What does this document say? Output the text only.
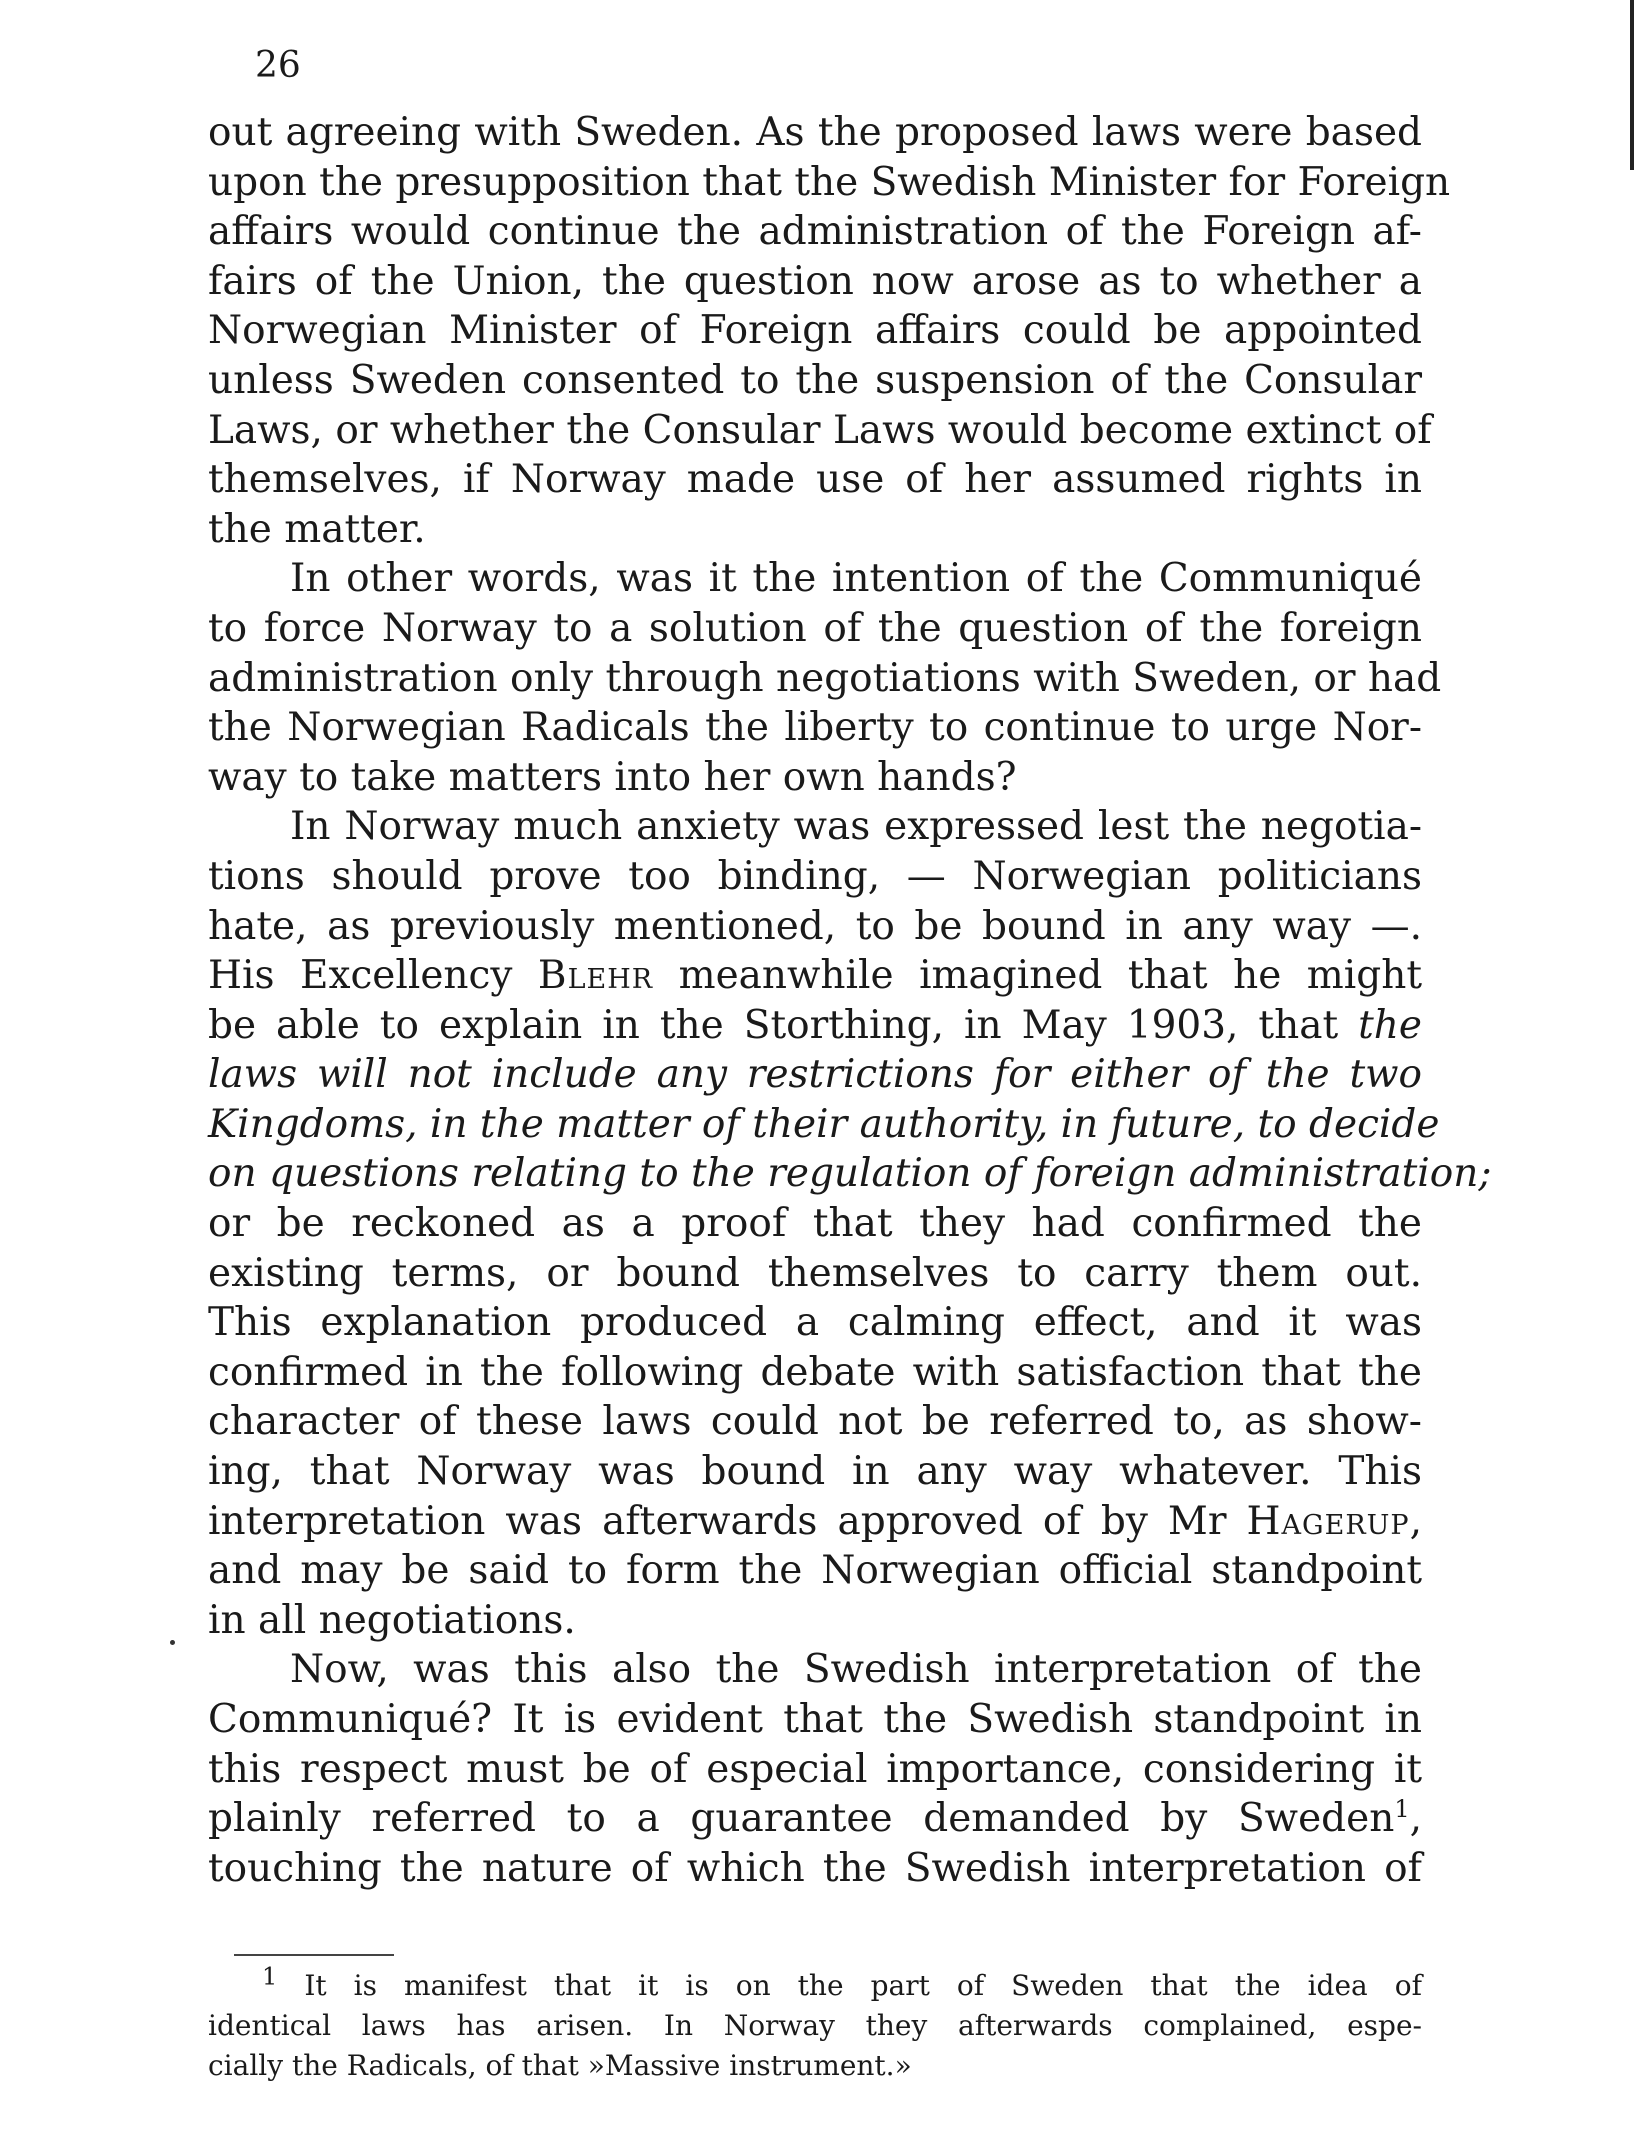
26
out agreeing with Sweden. As the proposed laws were based
upon the presupposition that the Swedish Minister for Foreign
affairs would continue the administration of the Foreign af-
fairs of the Union, the question now arose as to whether a
Norwegian Minister of Foreign affairs could be appointed
unless Sweden consented to the suspension of the Consular
Laws, or whether the Consular Laws would become extinct of
themselves, if Norway made use of her assumed rights in
the matter.
In other words, was it the intention of the Communiqué
to force Norway to a solution of the question of the foreign
administration only through negotiations with Sweden, or had
the Norwegian Radicals the liberty to continue to urge Nor-
way to take matters into her own hands?
In Norway much anxiety was expressed lest the negotia-
tions should prove too binding, — Norwegian politicians
hate, as previously mentioned, to be bound in any way —.
His Excellency Blehr meanwhile imagined that he might
be able to explain in the Storthing, in May 1903, that the
laws will not include any restrictions for either of the two
Kingdoms, in the matter of their authority, in future, to decide
on questions relating to the regulation of foreign administration;
or be reckoned as a proof that they had confirmed the
existing terms, or bound themselves to carry them out.
This explanation produced a calming effect, and it was
confirmed in the following debate with satisfaction that the
character of these laws could not be referred to, as show-
ing, that Norway was bound in any way whatever. This
interpretation was afterwards approved of by Mr Hagerup,
and may be said to form the Norwegian official standpoint
in all negotiations.
Now, was this also the Swedish interpretation of the
Communiqué? It is evident that the Swedish standpoint in
this respect must be of especial importance, considering it
plainly referred to a guarantee demanded by Sweden$^1$,
touching the nature of which the Swedish interpretation of
1 It is manifest that it is on the part of Sweden that the idea of
identical laws has arisen. In Norway they afterwards complained, espe-
cially the Radicals, of that »Massive instrument.»
